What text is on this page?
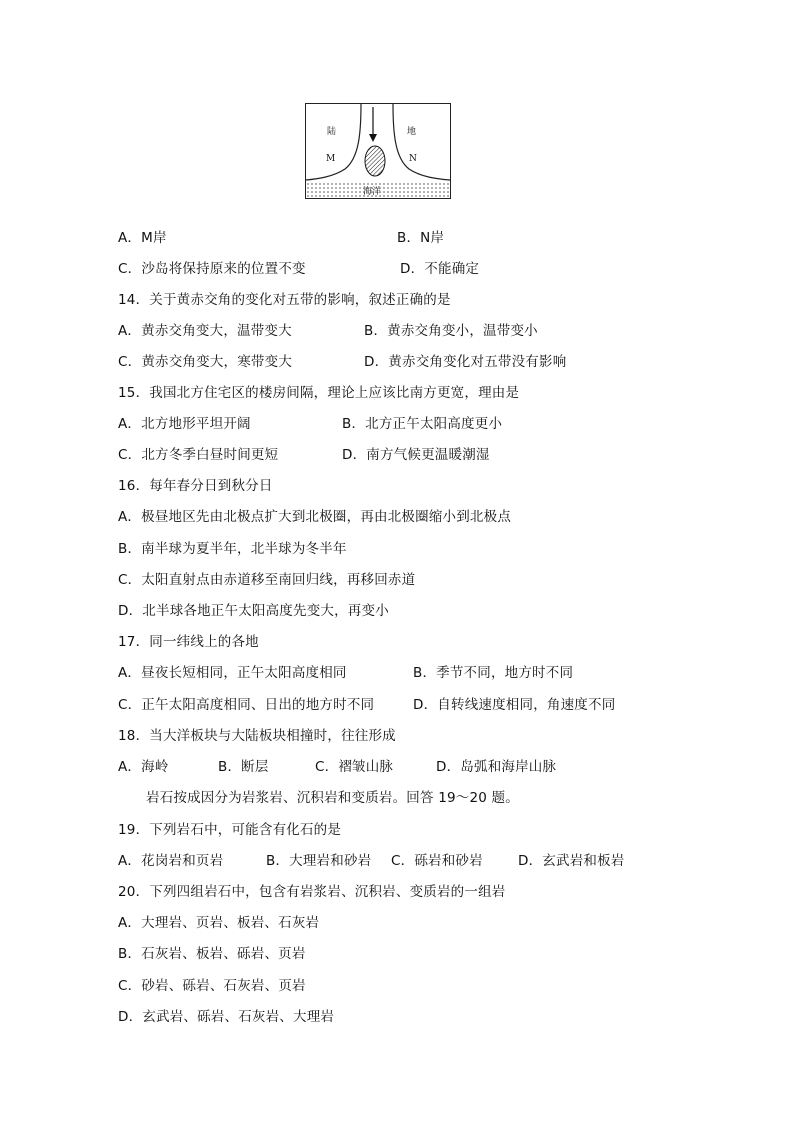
陆	地
M	N
海洋
A．M岸	B．N岸
C．沙岛将保持原来的位置不变	D．不能确定
14．关于黄赤交角的变化对五带的影响，叙述正确的是
A．黄赤交角变大，温带变大	B．黄赤交角变小，温带变小
C．黄赤交角变大，寒带变大	D．黄赤交角变化对五带没有影响
15．我国北方住宅区的楼房间隔，理论上应该比南方更宽，理由是
A．北方地形平坦开阔	B．北方正午太阳高度更小
C．北方冬季白昼时间更短	D．南方气候更温暖潮湿
16．每年春分日到秋分日
A．极昼地区先由北极点扩大到北极圈，再由北极圈缩小到北极点
B．南半球为夏半年，北半球为冬半年
C．太阳直射点由赤道移至南回归线，再移回赤道
D．北半球各地正午太阳高度先变大，再变小
17．同一纬线上的各地
A．昼夜长短相同，正午太阳高度相同	B．季节不同，地方时不同
C．正午太阳高度相同、日出的地方时不同	D．自转线速度相同，角速度不同
18．当大洋板块与大陆板块相撞时，往往形成
A．海岭	B．断层	C．褶皱山脉	D．岛弧和海岸山脉
岩石按成因分为岩浆岩、沉积岩和变质岩。回答 19～20 题。
19．下列岩石中，可能含有化石的是
A．花岗岩和页岩	B．大理岩和砂岩 C．砾岩和砂岩	D．玄武岩和板岩
20．下列四组岩石中，包含有岩浆岩、沉积岩、变质岩的一组岩
A．大理岩、页岩、板岩、石灰岩
B．石灰岩、板岩、砾岩、页岩
C．砂岩、砾岩、石灰岩、页岩
D．玄武岩、砾岩、石灰岩、大理岩
